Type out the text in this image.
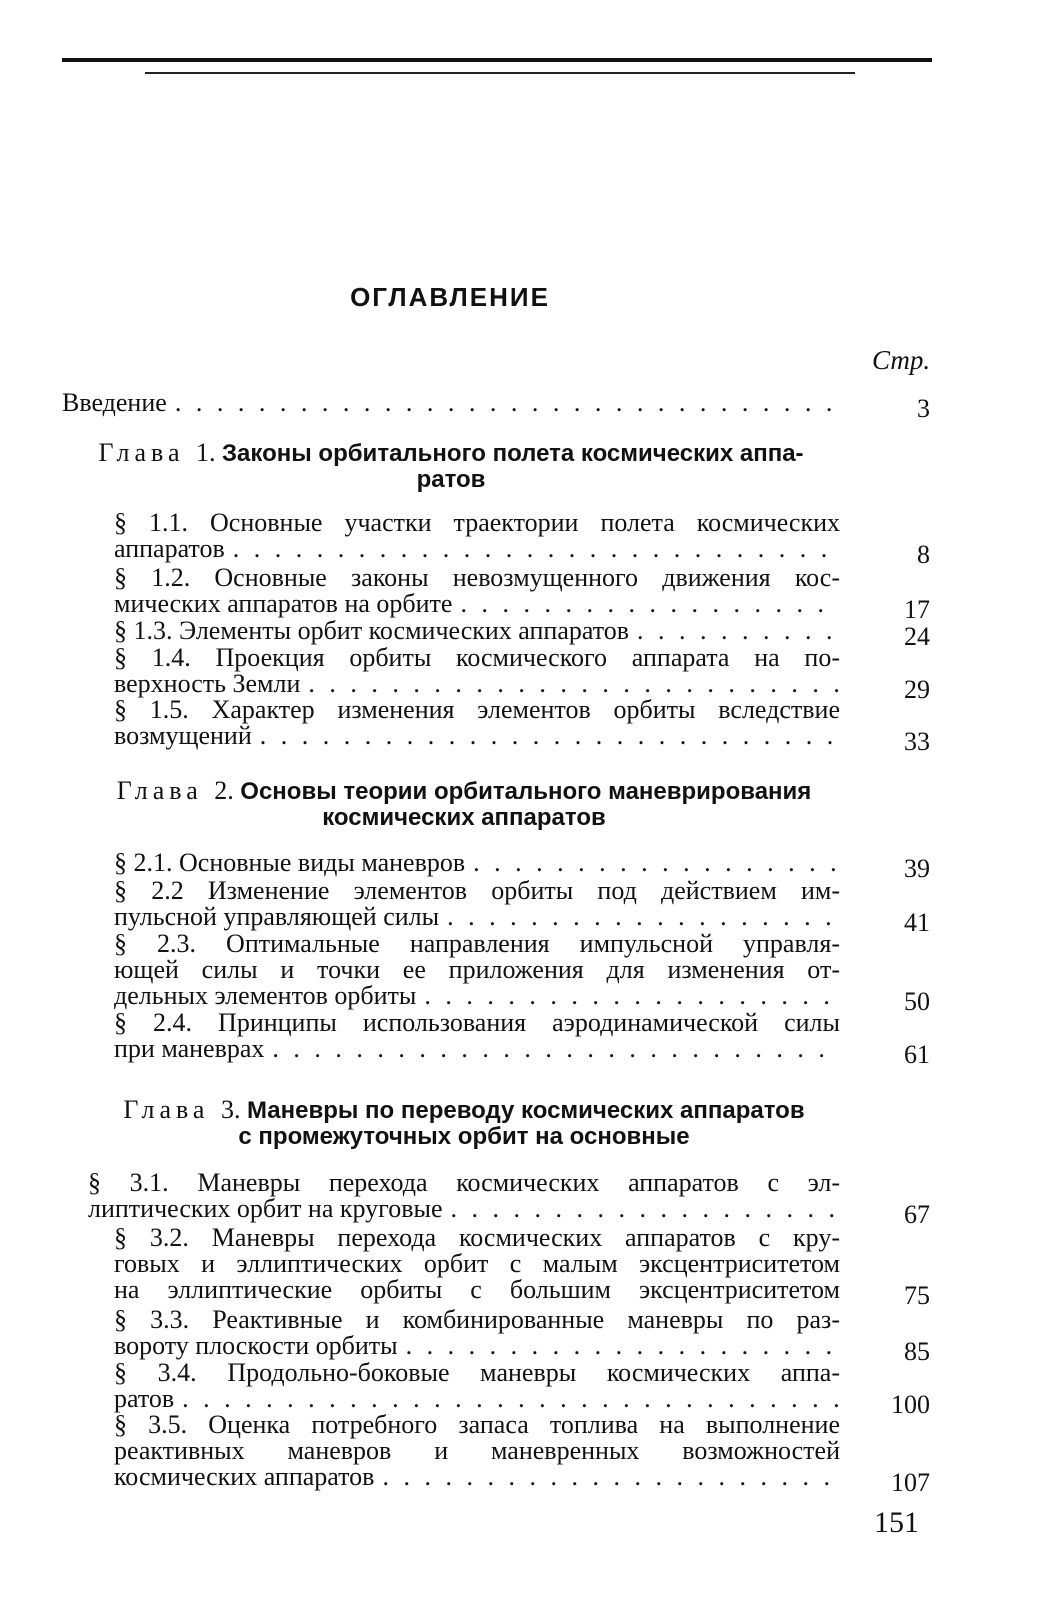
ОГЛАВЛЕНИЕ
Стр.
Введение . . .	3
Глава 1. Законы орбитального полета космических аппа-
ратов
§ 1.1. Основные участки траектории полета космических
аппаратов . . .	8
§ 1.2. Основные законы невозмущенного движения кос-
мических аппаратов на орбите . . .	17
§ 1.3. Элементы орбит космических аппаратов . . .	24
§ 1.4. Проекция орбиты космического аппарата на по-
верхность Земли . . .	29
§ 1.5. Характер изменения элементов орбиты вследствие
возмущений . . .	33
Глава 2. Основы теории орбитального маневрирования
космических аппаратов
§ 2.1. Основные виды маневров . . .	39
§ 2.2 Изменение элементов орбиты под действием им-
пульсной управляющей силы . . .	41
§ 2.3. Оптимальные направления импульсной управля-
ющей силы и точки ее приложения для изменения от-
дельных элементов орбиты . . .	50
§ 2.4. Принципы использования аэродинамической силы
при маневрах . . .	61
Глава 3. Маневры по переводу космических аппаратов
с промежуточных орбит на основные
§ 3.1. Маневры перехода космических аппаратов с эл-
липтических орбит на круговые . . .	67
§ 3.2. Маневры перехода космических аппаратов с кру-
говых и эллиптических орбит с малым эксцентриситетом
на эллиптические орбиты с большим эксцентриситетом	75
§ 3.3. Реактивные и комбинированные маневры по раз-
вороту плоскости орбиты . . .	85
§ 3.4. Продольно-боковые маневры космических аппа-
ратов . . .	100
§ 3.5. Оценка потребного запаса топлива на выполнение
реактивных маневров и маневренных возможностей
космических аппаратов . . .	107
151
